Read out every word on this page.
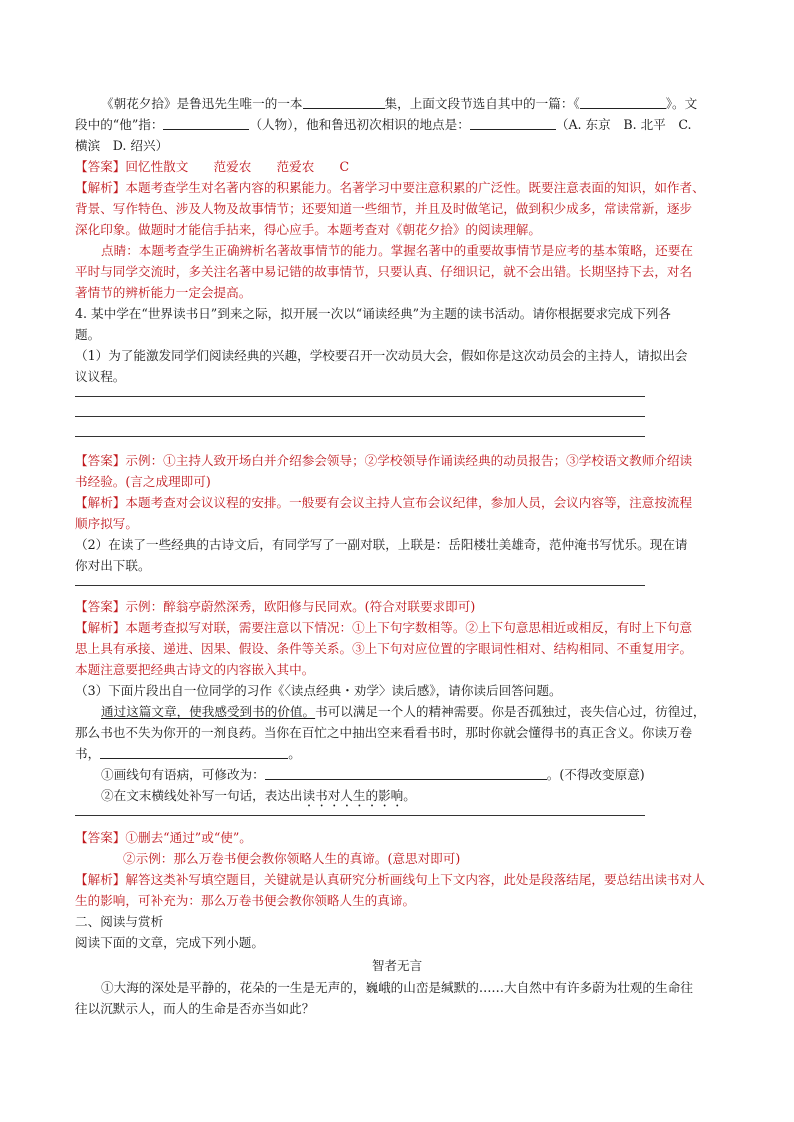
《朝花夕拾》是鲁迅先生唯一的一本	集，上面文段节选自其中的一篇：《	》。文
段中的“他”指：	（人物），他和鲁迅初次相识的地点是：	（A. 东京　B. 北平　C.
横滨　D. 绍兴）
【答案】回忆性散文　　范爱农　　范爱农　　C
【解析】本题考查学生对名著内容的积累能力。名著学习中要注意积累的广泛性。既要注意表面的知识，如作者、
背景、写作特色、涉及人物及故事情节；还要知道一些细节，并且及时做笔记，做到积少成多，常读常新，逐步
深化印象。做题时才能信手拈来，得心应手。本题考查对《朝花夕拾》的阅读理解。
点睛：本题考查学生正确辨析名著故事情节的能力。掌握名著中的重要故事情节是应考的基本策略，还要在
平时与同学交流时，多关注名著中易记错的故事情节，只要认真、仔细识记，就不会出错。长期坚持下去，对名
著情节的辨析能力一定会提高。
4. 某中学在“世界读书日”到来之际，拟开展一次以“诵读经典”为主题的读书活动。请你根据要求完成下列各
题。
（1）为了能激发同学们阅读经典的兴趣，学校要召开一次动员大会，假如你是这次动员会的主持人，请拟出会
议议程。
【答案】示例：①主持人致开场白并介绍参会领导；②学校领导作诵读经典的动员报告；③学校语文教师介绍读
书经验。(言之成理即可)
【解析】本题考查对会议议程的安排。一般要有会议主持人宣布会议纪律，参加人员，会议内容等，注意按流程
顺序拟写。
（2）在读了一些经典的古诗文后，有同学写了一副对联，上联是：岳阳楼壮美雄奇，范仲淹书写忧乐。现在请
你对出下联。
【答案】示例：醉翁亭蔚然深秀，欧阳修与民同欢。(符合对联要求即可)
【解析】本题考查拟写对联，需要注意以下情况：①上下句字数相等。②上下句意思相近或相反，有时上下句意
思上具有承接、递进、因果、假设、条件等关系。③上下句对应位置的字眼词性相对、结构相同、不重复用字。
本题注意要把经典古诗文的内容嵌入其中。
（3）下面片段出自一位同学的习作《〈读点经典・劝学〉读后感》，请你读后回答问题。
通过这篇文章，使我感受到书的价值。书可以满足一个人的精神需要。你是否孤独过，丧失信心过，彷徨过，
那么书也不失为你开的一剂良药。当你在百忙之中抽出空来看看书时，那时你就会懂得书的真正含义。你读万卷
书，	。
①画线句有语病，可修改为：	。(不得改变原意)
②在文末横线处补写一句话，表达出读书对人生的影响。
【答案】①删去“通过”或“使”。
②示例：那么万卷书便会教你领略人生的真谛。(意思对即可)
【解析】解答这类补写填空题目，关键就是认真研究分析画线句上下文内容，此处是段落结尾，要总结出读书对人
生的影响，可补充为：那么万卷书便会教你领略人生的真谛。
二、阅读与赏析
阅读下面的文章，完成下列小题。
智者无言
①大海的深处是平静的，花朵的一生是无声的，巍峨的山峦是缄默的……大自然中有许多蔚为壮观的生命往
往以沉默示人，而人的生命是否亦当如此？
